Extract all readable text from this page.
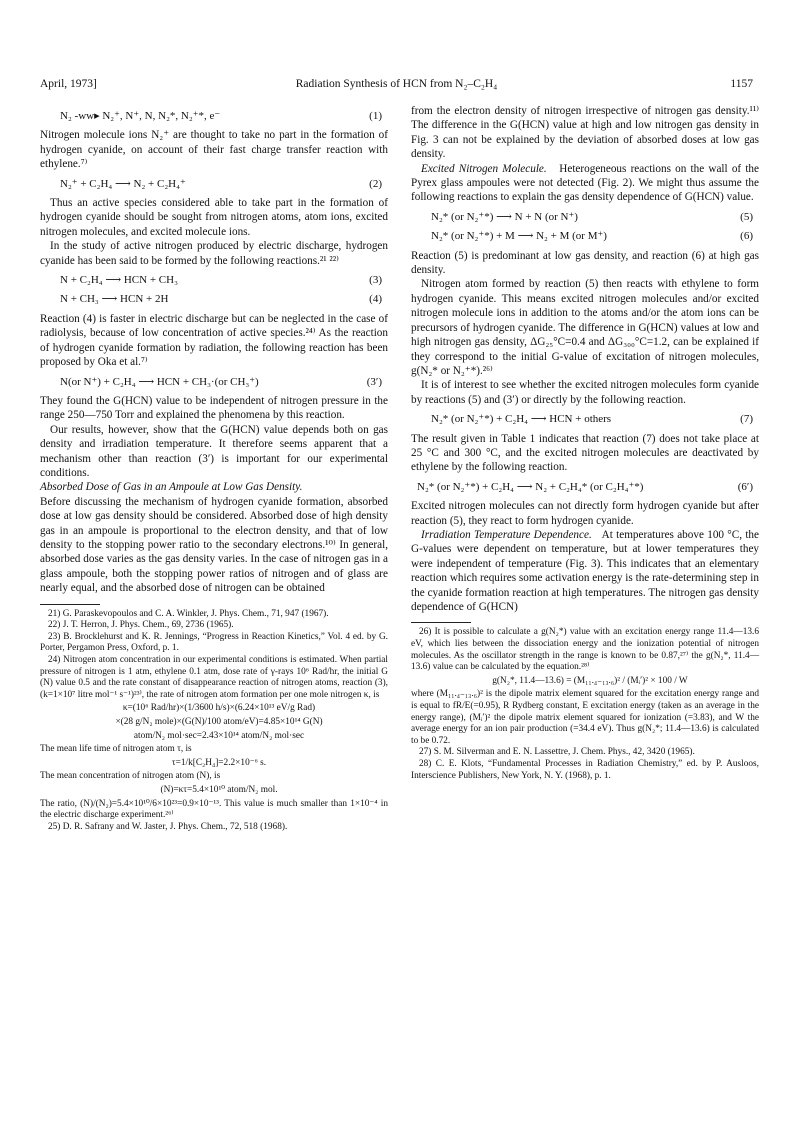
April, 1973]	Radiation Synthesis of HCN from N₂–C₂H₄	1157
N₂ -ww▸ N₂⁺, N⁺, N, N₂*, N₂⁺*, e⁻	(1)

Nitrogen molecule ions N₂⁺ are thought to take no part in the formation of hydrogen cyanide, on account of their fast charge transfer reaction with ethylene.⁷⁾

N₂⁺ + C₂H₄ ⟶ N₂ + C₂H₄⁺	(2)

Thus an active species considered able to take part in the formation of hydrogen cyanide should be sought from nitrogen atoms, atom ions, excited nitrogen molecules, and excited molecule ions.

In the study of active nitrogen produced by electric discharge, hydrogen cyanide has been said to be formed by the following reactions.²¹ ²²⁾

N + C₂H₄ ⟶ HCN + CH₃	(3)
N + CH₃ ⟶ HCN + 2H	(4)

Reaction (4) is faster in electric discharge but can be neglected in the case of radiolysis, because of low concentration of active species.²⁴⁾ As the reaction of hydrogen cyanide formation by radiation, the following reaction has been proposed by Oka et al.⁷⁾

N(or N⁺) + C₂H₄ ⟶ HCN + CH₃·(or CH₃⁺)	(3′)

They found the G(HCN) value to be independent of nitrogen pressure in the range 250—750 Torr and explained the phenomena by this reaction.

Our results, however, show that the G(HCN) value depends both on gas density and irradiation temperature. It therefore seems apparent that a mechanism other than reaction (3′) is important for our experimental conditions.

Absorbed Dose of Gas in an Ampoule at Low Gas Density.

Before discussing the mechanism of hydrogen cyanide formation, absorbed dose at low gas density should be considered. Absorbed dose of high density gas in an ampoule is proportional to the electron density, and that of low density to the stopping power ratio to the secondary electrons.¹⁰⁾ In general, absorbed dose varies as the gas density varies. In the case of nitrogen gas in a glass ampoule, both the stopping power ratios of nitrogen and of glass are nearly equal, and the absorbed dose of nitrogen can be obtained

21) G. Paraskevopoulos and C. A. Winkler, J. Phys. Chem., 71, 947 (1967).

22) J. T. Herron, J. Phys. Chem., 69, 2736 (1965).

23) B. Brocklehurst and K. R. Jennings, “Progress in Reaction Kinetics,” Vol. 4 ed. by G. Porter, Pergamon Press, Oxford, p. 1.

24) Nitrogen atom concentration in our experimental conditions is estimated. When partial pressure of nitrogen is 1 atm, ethylene 0.1 atm, dose rate of γ-rays 10⁶ Rad/hr, the initial G (N) value 0.5 and the rate constant of disappearance reaction of nitrogen atoms, reaction (3), (k=1×10⁷ litre mol⁻¹ s⁻¹)²³⁾, the rate of nitrogen atom formation per one mole nitrogen κ, is

κ=(10⁶ Rad/hr)×(1/3600 h/s)×(6.24×10¹³ eV/g Rad)

×(28 g/N₂ mole)×(G(N)/100 atom/eV)=4.85×10¹⁴ G(N)

atom/N₂ mol·sec=2.43×10¹⁴ atom/N₂ mol·sec

The mean life time of nitrogen atom τ, is

τ=1/k[C₂H₄]=2.2×10⁻⁶ s.

The mean concentration of nitrogen atom (N), is

(N)=κτ=5.4×10¹⁰ atom/N₂ mol.

The ratio, (N)/(N₂)=5.4×10¹⁰/6×10²³=0.9×10⁻¹³. This value is much smaller than 1×10⁻⁴ in the electric discharge experiment.²⁶⁾

25) D. R. Safrany and W. Jaster, J. Phys. Chem., 72, 518 (1968).

from the electron density of nitrogen irrespective of nitrogen gas density.¹¹⁾ The difference in the G(HCN) value at high and low nitrogen gas density in Fig. 3 can not be explained by the deviation of absorbed doses at low gas density.

Excited Nitrogen Molecule. Heterogeneous reactions on the wall of the Pyrex glass ampoules were not detected (Fig. 2). We might thus assume the following reactions to explain the gas density dependence of G(HCN) value.

N₂* (or N₂⁺*) ⟶ N + N (or N⁺)	(5)
N₂* (or N₂⁺*) + M ⟶ N₂ + M (or M⁺)	(6)

Reaction (5) is predominant at low gas density, and reaction (6) at high gas density.

Nitrogen atom formed by reaction (5) then reacts with ethylene to form hydrogen cyanide. This means excited nitrogen molecules and/or excited nitrogen molecule ions in addition to the atoms and/or the atom ions can be precursors of hydrogen cyanide. The difference in G(HCN) values at low and high nitrogen gas density, ΔG₂₅°C=0.4 and ΔG₃₀₀°C=1.2, can be explained if they correspond to the initial G-value of excitation of nitrogen molecules, g(N₂* or N₂⁺*).²⁶⁾

It is of interest to see whether the excited nitrogen molecules form cyanide by reactions (5) and (3′) or directly by the following reaction.

N₂* (or N₂⁺*) + C₂H₄ ⟶ HCN + others	(7)

The result given in Table 1 indicates that reaction (7) does not take place at 25 °C and 300 °C, and the excited nitrogen molecules are deactivated by ethylene by the following reaction.

N₂* (or N₂⁺*) + C₂H₄ ⟶ N₂ + C₂H₄* (or C₂H₄⁺*)	(6′)

Excited nitrogen molecules can not directly form hydrogen cyanide but after reaction (5), they react to form hydrogen cyanide.

Irradiation Temperature Dependence. At temperatures above 100 °C, the G-values were dependent on temperature, but at lower temperatures they were independent of temperature (Fig. 3). This indicates that an elementary reaction which requires some activation energy is the rate-determining step in the cyanide formation reaction at high temperatures. The nitrogen gas density dependence of G(HCN)

26) It is possible to calculate a g(N₂*) value with an excitation energy range 11.4—13.6 eV, which lies between the dissociation energy and the ionization potential of nitrogen molecules. As the oscillator strength in the range is known to be 0.87,²⁷⁾ the g(N₂*, 11.4—13.6) value can be calculated by the equation.²⁸⁾

g(N₂*, 11.4—13.6) = (M₁₁.₄₋₁₃.₆)² / (Mᵢ′)² × 100 / W

where (M₁₁.₄₋₁₃.₆)² is the dipole matrix element squared for the excitation energy range and is equal to fR/E(=0.95), R Rydberg constant, E excitation energy (taken as an average in the energy range), (Mᵢ′)² the dipole matrix element squared for ionization (=3.83), and W the average energy for an ion pair production (=34.4 eV). Thus g(N₂*; 11.4—13.6) is calculated to be 0.72.

27) S. M. Silverman and E. N. Lassettre, J. Chem. Phys., 42, 3420 (1965).

28) C. E. Klots, “Fundamental Processes in Radiation Chemistry,” ed. by P. Ausloos, Interscience Publishers, New York, N. Y. (1968), p. 1.
